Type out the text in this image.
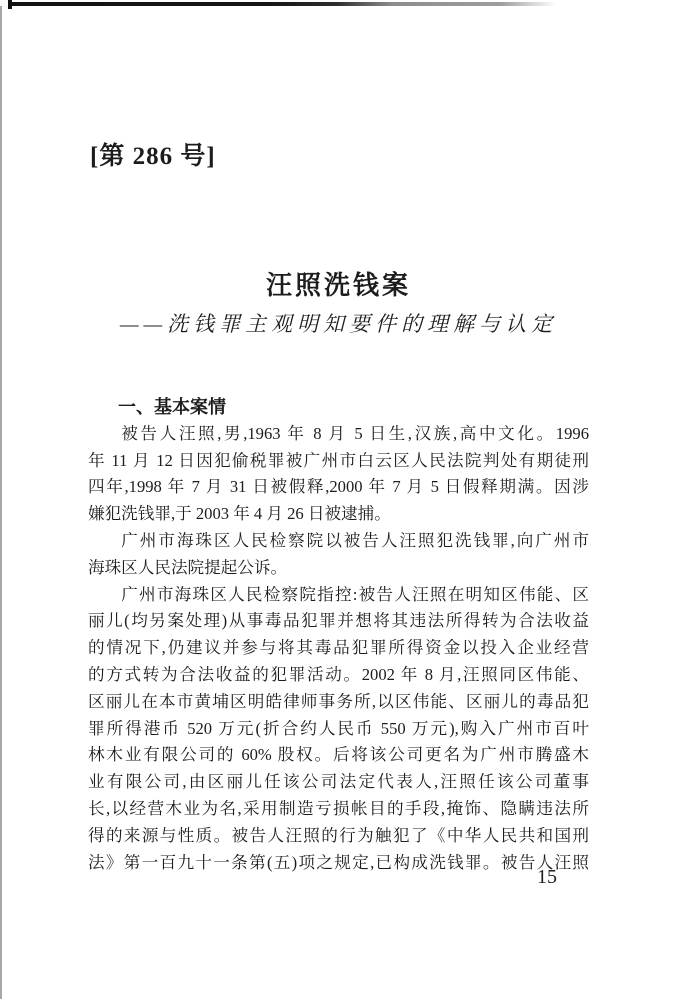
[第 286 号]
汪照洗钱案
——洗钱罪主观明知要件的理解与认定
一、基本案情
被告人汪照,男,1963 年 8 月 5 日生,汉族,高中文化。1996
年 11 月 12 日因犯偷税罪被广州市白云区人民法院判处有期徒刑
四年,1998 年 7 月 31 日被假释,2000 年 7 月 5 日假释期满。因涉
嫌犯洗钱罪,于 2003 年 4 月 26 日被逮捕。
广州市海珠区人民检察院以被告人汪照犯洗钱罪,向广州市
海珠区人民法院提起公诉。
广州市海珠区人民检察院指控:被告人汪照在明知区伟能、区
丽儿(均另案处理)从事毒品犯罪并想将其违法所得转为合法收益
的情况下,仍建议并参与将其毒品犯罪所得资金以投入企业经营
的方式转为合法收益的犯罪活动。2002 年 8 月,汪照同区伟能、
区丽儿在本市黄埔区明皓律师事务所,以区伟能、区丽儿的毒品犯
罪所得港币 520 万元(折合约人民币 550 万元),购入广州市百叶
林木业有限公司的 60% 股权。后将该公司更名为广州市腾盛木
业有限公司,由区丽儿任该公司法定代表人,汪照任该公司董事
长,以经营木业为名,采用制造亏损帐目的手段,掩饰、隐瞒违法所
得的来源与性质。被告人汪照的行为触犯了《中华人民共和国刑
法》第一百九十一条第(五)项之规定,已构成洗钱罪。被告人汪照
15
